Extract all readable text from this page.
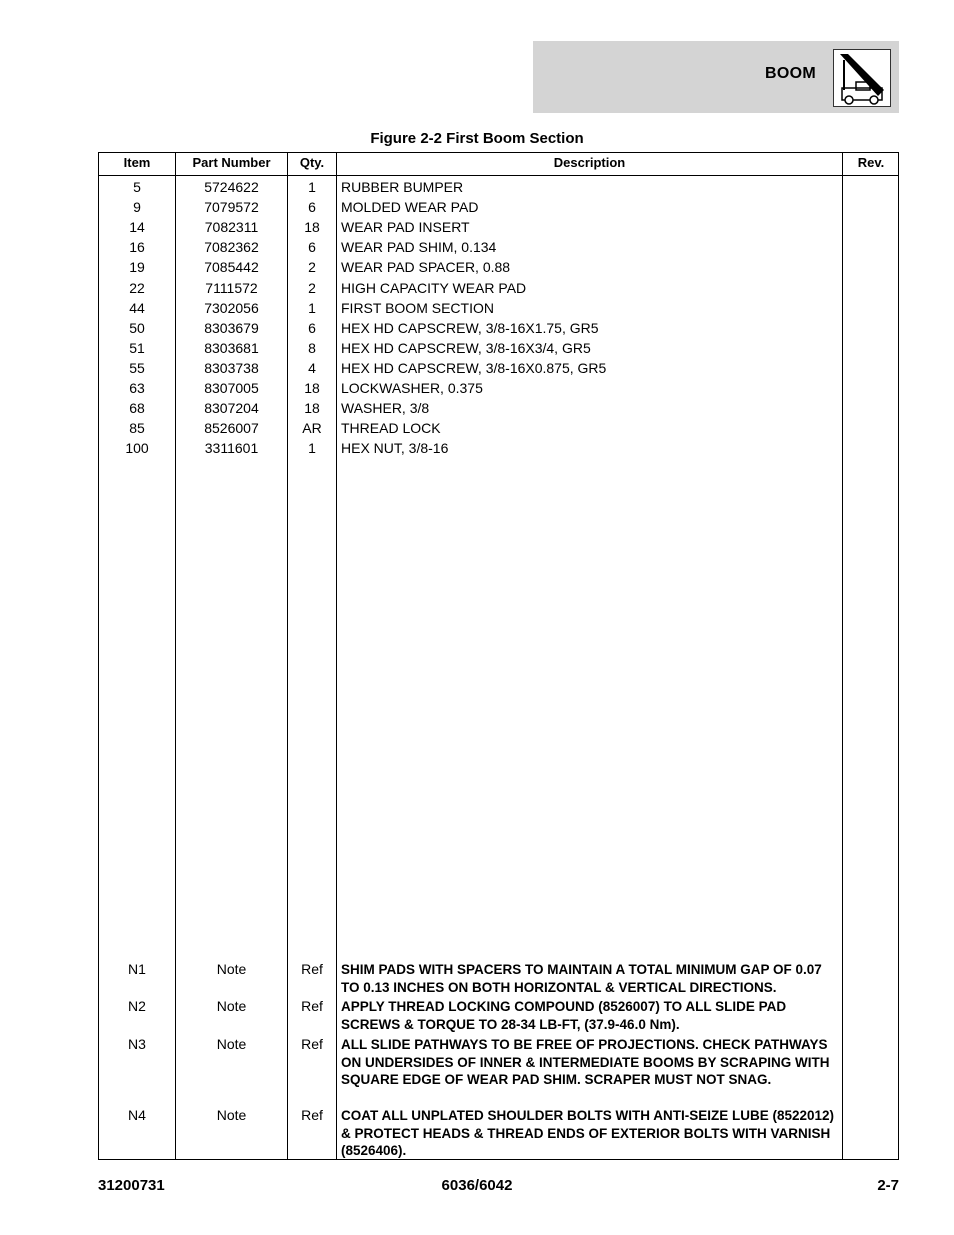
BOOM
Figure 2-2 First Boom Section
Item	Part Number	Qty.	Description	Rev.
5	5724622	1	RUBBER BUMPER
9	7079572	6	MOLDED WEAR PAD
14	7082311	18	WEAR PAD INSERT
16	7082362	6	WEAR PAD SHIM, 0.134
19	7085442	2	WEAR PAD SPACER, 0.88
22	7111572	2	HIGH CAPACITY WEAR PAD
44	7302056	1	FIRST BOOM SECTION
50	8303679	6	HEX HD CAPSCREW, 3/8-16X1.75, GR5
51	8303681	8	HEX HD CAPSCREW, 3/8-16X3/4, GR5
55	8303738	4	HEX HD CAPSCREW, 3/8-16X0.875, GR5
63	8307005	18	LOCKWASHER, 0.375
68	8307204	18	WASHER, 3/8
85	8526007	AR	THREAD LOCK
100	3311601	1	HEX NUT, 3/8-16
N1	Note	Ref	SHIM PADS WITH SPACERS TO MAINTAIN A TOTAL MINIMUM GAP OF 0.07 TO 0.13 INCHES ON BOTH HORIZONTAL & VERTICAL DIRECTIONS.
N2	Note	Ref	APPLY THREAD LOCKING COMPOUND (8526007) TO ALL SLIDE PAD SCREWS & TORQUE TO 28-34 LB-FT, (37.9-46.0 Nm).
N3	Note	Ref	ALL SLIDE PATHWAYS TO BE FREE OF PROJECTIONS. CHECK PATHWAYS ON UNDERSIDES OF INNER & INTERMEDIATE BOOMS BY SCRAPING WITH SQUARE EDGE OF WEAR PAD SHIM. SCRAPER MUST NOT SNAG.
N4	Note	Ref	COAT ALL UNPLATED SHOULDER BOLTS WITH ANTI-SEIZE LUBE (8522012) & PROTECT HEADS & THREAD ENDS OF EXTERIOR BOLTS WITH VARNISH (8526406).
31200731	6036/6042	2-7
